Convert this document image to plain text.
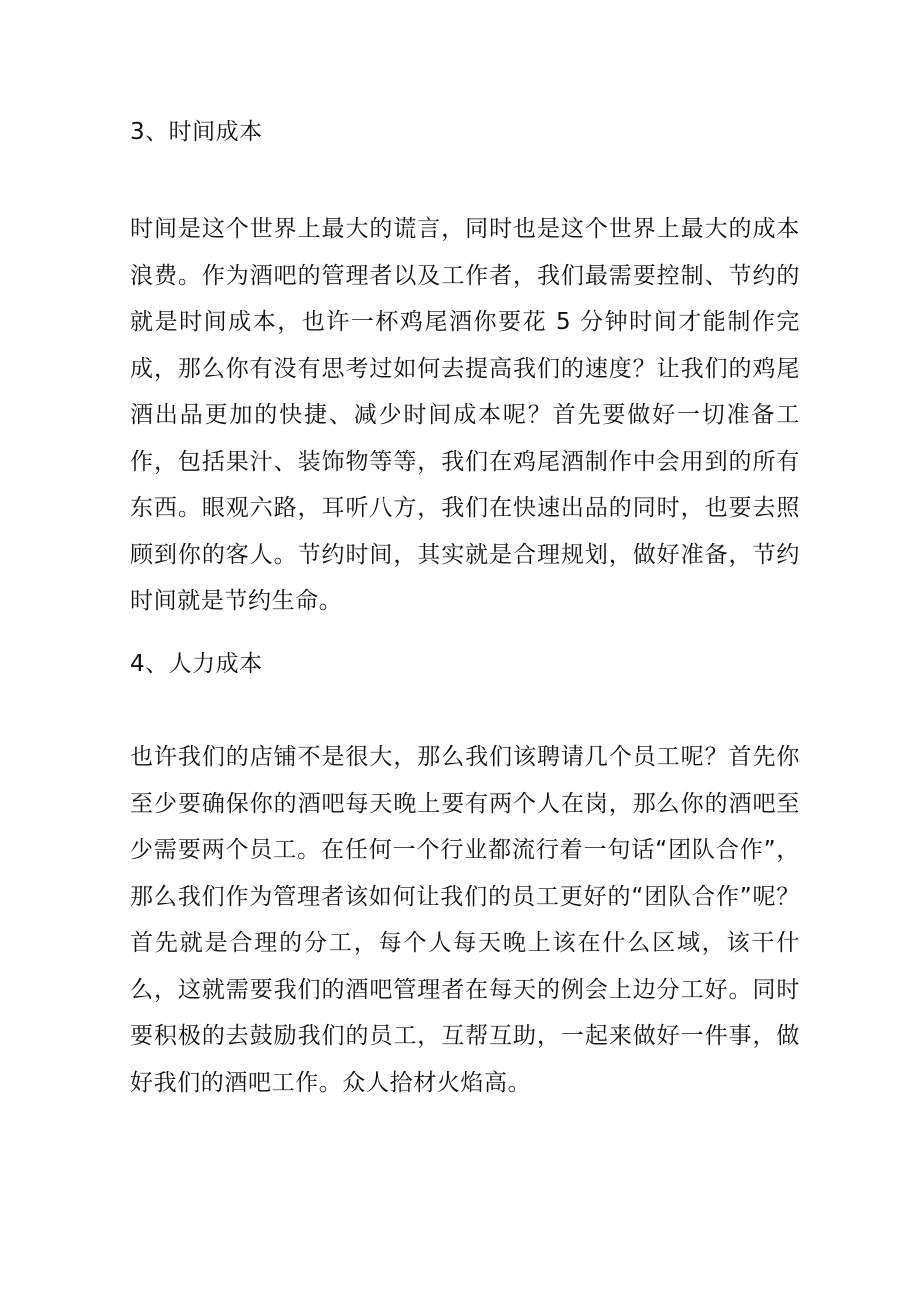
3、时间成本

时间是这个世界上最大的谎言，同时也是这个世界上最大的成本浪费。作为酒吧的管理者以及工作者，我们最需要控制、节约的就是时间成本，也许一杯鸡尾酒你要花 5 分钟时间才能制作完成，那么你有没有思考过如何去提高我们的速度？让我们的鸡尾酒出品更加的快捷、减少时间成本呢？首先要做好一切准备工作，包括果汁、装饰物等等，我们在鸡尾酒制作中会用到的所有东西。眼观六路，耳听八方，我们在快速出品的同时，也要去照顾到你的客人。节约时间，其实就是合理规划，做好准备，节约时间就是节约生命。

4、人力成本

也许我们的店铺不是很大，那么我们该聘请几个员工呢？首先你至少要确保你的酒吧每天晚上要有两个人在岗，那么你的酒吧至少需要两个员工。在任何一个行业都流行着一句话“团队合作”，那么我们作为管理者该如何让我们的员工更好的“团队合作”呢？首先就是合理的分工，每个人每天晚上该在什么区域，该干什么，这就需要我们的酒吧管理者在每天的例会上边分工好。同时要积极的去鼓励我们的员工，互帮互助，一起来做好一件事，做好我们的酒吧工作。众人拾材火焰高。
